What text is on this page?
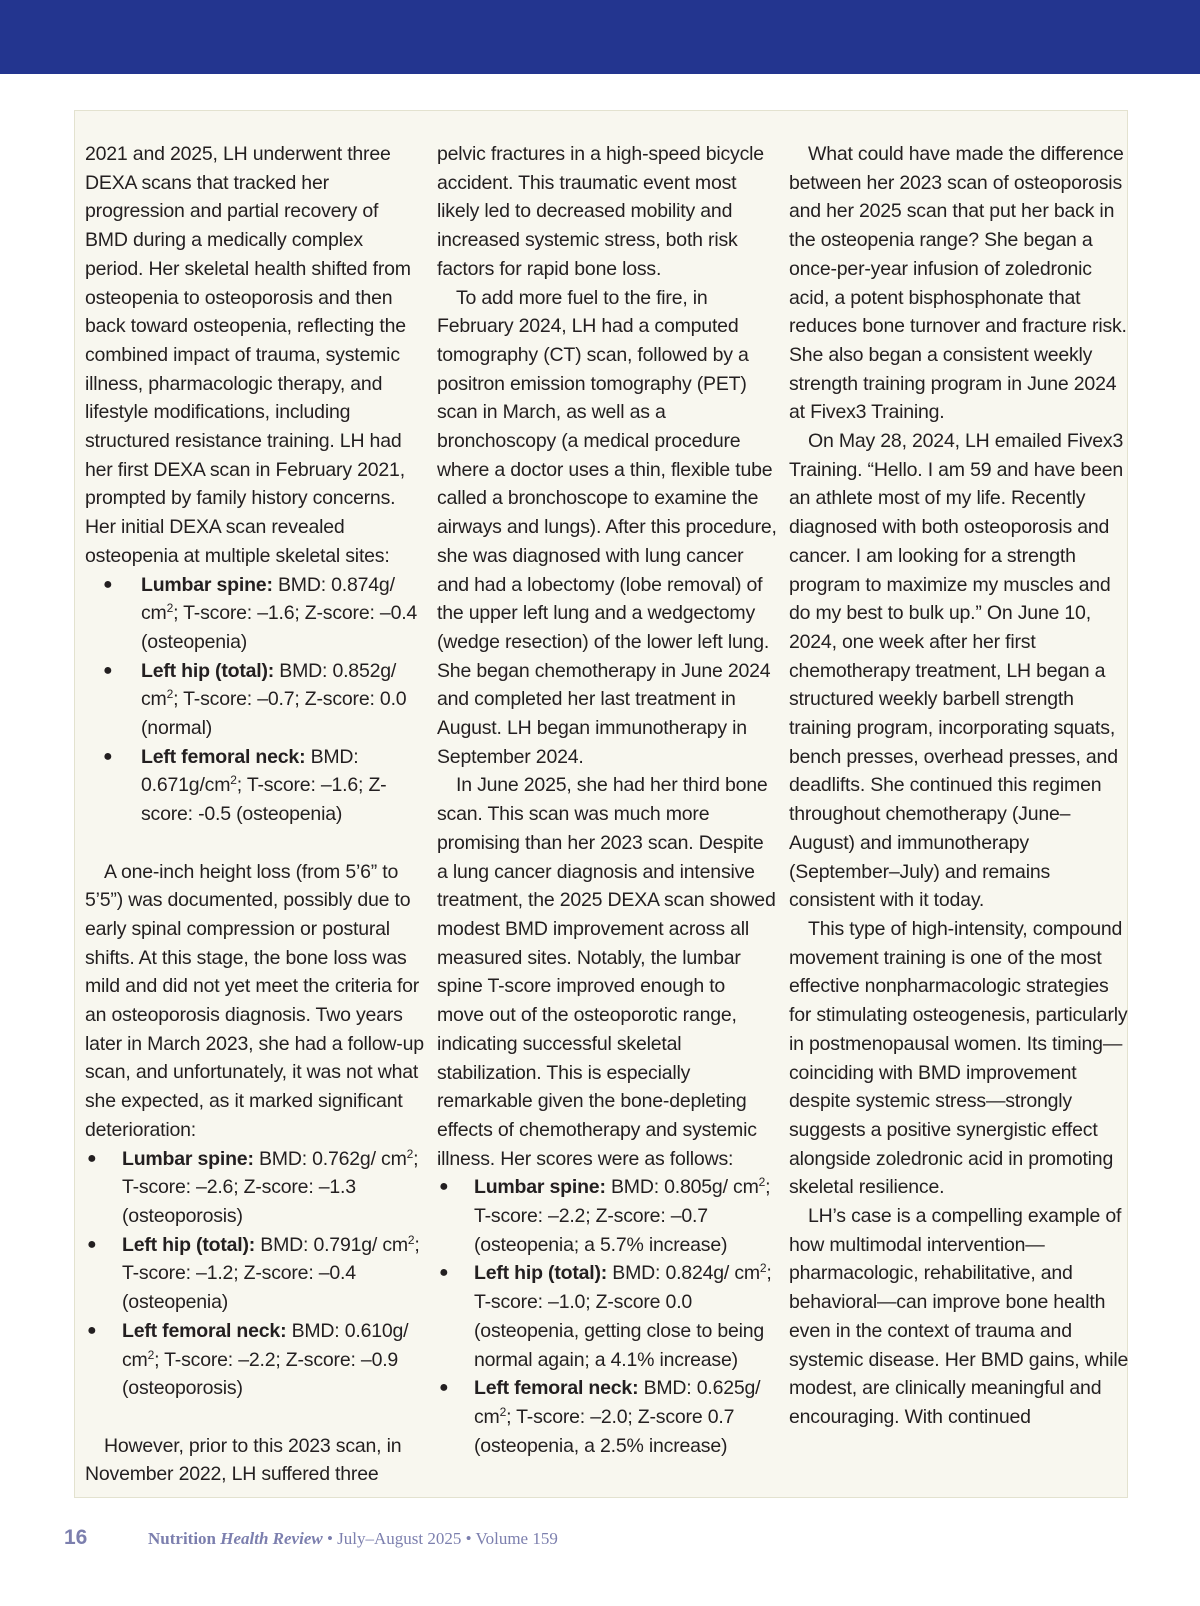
2021 and 2025, LH underwent three DEXA scans that tracked her progression and partial recovery of BMD during a medically complex period. Her skeletal health shifted from osteopenia to osteoporosis and then back toward osteopenia, reflecting the combined impact of trauma, systemic illness, pharmacologic therapy, and lifestyle modifications, including structured resistance training. LH had her first DEXA scan in February 2021, prompted by family history concerns. Her initial DEXA scan revealed osteopenia at multiple skeletal sites:

● Lumbar spine: BMD: 0.874g/ $cm^2$; T-score: –1.6; Z-score: –0.4 (osteopenia)
● Left hip (total): BMD: 0.852g/ $cm^2$; T-score: –0.7; Z-score: 0.0 (normal)
● Left femoral neck: BMD: $0.671g/cm^2$; T-score: –1.6; Z-score: -0.5 (osteopenia)

A one-inch height loss (from 5’6” to 5’5”) was documented, possibly due to early spinal compression or postural shifts. At this stage, the bone loss was mild and did not yet meet the criteria for an osteoporosis diagnosis. Two years later in March 2023, she had a follow-up scan, and unfortunately, it was not what she expected, as it marked significant deterioration:

● Lumbar spine: BMD: 0.762g/ $cm^2$; T-score: –2.6; Z-score: –1.3 (osteoporosis)
● Left hip (total): BMD: 0.791g/ $cm^2$; T-score: –1.2; Z-score: –0.4 (osteopenia)
● Left femoral neck: BMD: 0.610g/ $cm^2$; T-score: –2.2; Z-score: –0.9 (osteoporosis)

However, prior to this 2023 scan, in November 2022, LH suffered three

pelvic fractures in a high-speed bicycle accident. This traumatic event most likely led to decreased mobility and increased systemic stress, both risk factors for rapid bone loss.

To add more fuel to the fire, in February 2024, LH had a computed tomography (CT) scan, followed by a positron emission tomography (PET) scan in March, as well as a bronchoscopy (a medical procedure where a doctor uses a thin, flexible tube called a bronchoscope to examine the airways and lungs). After this procedure, she was diagnosed with lung cancer and had a lobectomy (lobe removal) of the upper left lung and a wedgectomy (wedge resection) of the lower left lung. She began chemotherapy in June 2024 and completed her last treatment in August. LH began immunotherapy in September 2024.

In June 2025, she had her third bone scan. This scan was much more promising than her 2023 scan. Despite a lung cancer diagnosis and intensive treatment, the 2025 DEXA scan showed modest BMD improvement across all measured sites. Notably, the lumbar spine T-score improved enough to move out of the osteoporotic range, indicating successful skeletal stabilization. This is especially remarkable given the bone-depleting effects of chemotherapy and systemic illness. Her scores were as follows:

● Lumbar spine: BMD: 0.805g/ $cm^2$; T-score: –2.2; Z-score: –0.7 (osteopenia; a 5.7% increase)
● Left hip (total): BMD: 0.824g/ $cm^2$; T-score: –1.0; Z-score 0.0 (osteopenia, getting close to being normal again; a 4.1% increase)
● Left femoral neck: BMD: 0.625g/ $cm^2$; T-score: –2.0; Z-score 0.7 (osteopenia, a 2.5% increase)

What could have made the difference between her 2023 scan of osteoporosis and her 2025 scan that put her back in the osteopenia range? She began a once-per-year infusion of zoledronic acid, a potent bisphosphonate that reduces bone turnover and fracture risk. She also began a consistent weekly strength training program in June 2024 at Fivex3 Training.

On May 28, 2024, LH emailed Fivex3 Training. “Hello. I am 59 and have been an athlete most of my life. Recently diagnosed with both osteoporosis and cancer. I am looking for a strength program to maximize my muscles and do my best to bulk up.” On June 10, 2024, one week after her first chemotherapy treatment, LH began a structured weekly barbell strength training program, incorporating squats, bench presses, overhead presses, and deadlifts. She continued this regimen throughout chemotherapy (June–August) and immunotherapy (September–July) and remains consistent with it today.

This type of high-intensity, compound movement training is one of the most effective nonpharmacologic strategies for stimulating osteogenesis, particularly in postmenopausal women. Its timing—coinciding with BMD improvement despite systemic stress—strongly suggests a positive synergistic effect alongside zoledronic acid in promoting skeletal resilience.

LH’s case is a compelling example of how multimodal intervention—pharmacologic, rehabilitative, and behavioral—can improve bone health even in the context of trauma and systemic disease. Her BMD gains, while modest, are clinically meaningful and encouraging. With continued

16	Nutrition Health Review • July–August 2025 • Volume 159
